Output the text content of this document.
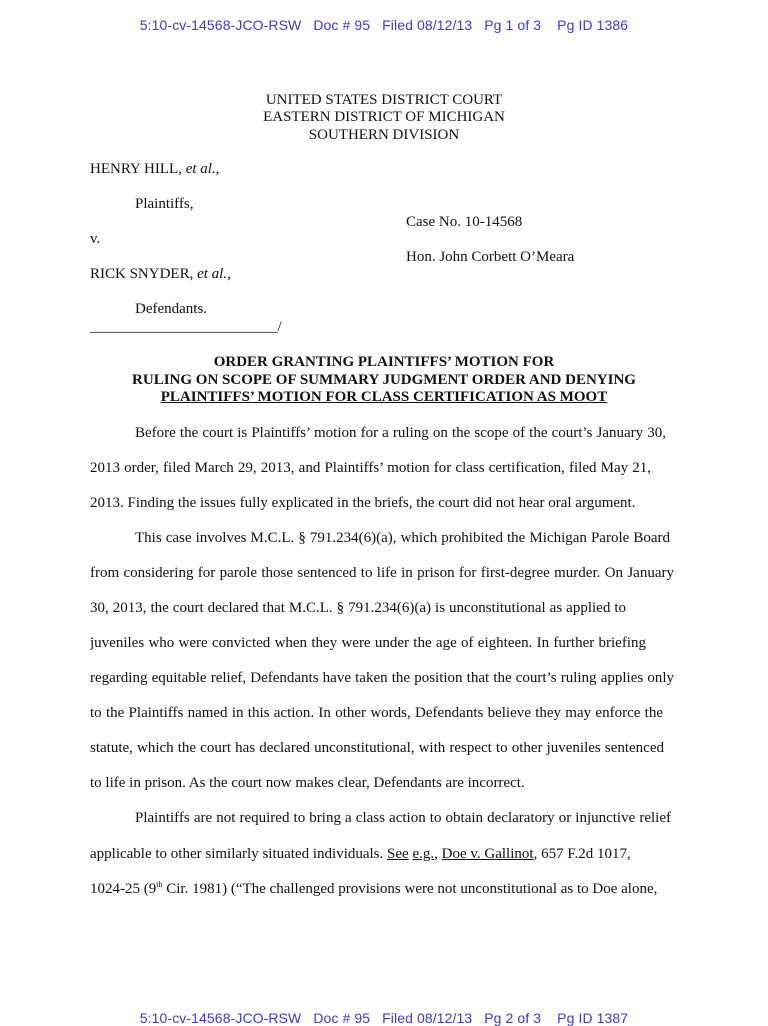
5:10-cv-14568-JCO-RSW   Doc # 95   Filed 08/12/13   Pg 1 of 3    Pg ID 1386
UNITED STATES DISTRICT COURT
EASTERN DISTRICT OF MICHIGAN
SOUTHERN DIVISION
HENRY HILL, et al.,
Plaintiffs,
v.
RICK SNYDER, et al.,
Defendants.
_________________________/
Case No. 10-14568
Hon. John Corbett O’Meara
ORDER GRANTING PLAINTIFFS’ MOTION FOR
RULING ON SCOPE OF SUMMARY JUDGMENT ORDER AND DENYING
PLAINTIFFS’ MOTION FOR CLASS CERTIFICATION AS MOOT
Before the court is Plaintiffs’ motion for a ruling on the scope of the court’s January 30,
2013 order, filed March 29, 2013, and Plaintiffs’ motion for class certification, filed May 21,
2013. Finding the issues fully explicated in the briefs, the court did not hear oral argument.
This case involves M.C.L. § 791.234(6)(a), which prohibited the Michigan Parole Board
from considering for parole those sentenced to life in prison for first-degree murder. On January
30, 2013, the court declared that M.C.L. § 791.234(6)(a) is unconstitutional as applied to
juveniles who were convicted when they were under the age of eighteen. In further briefing
regarding equitable relief, Defendants have taken the position that the court’s ruling applies only
to the Plaintiffs named in this action. In other words, Defendants believe they may enforce the
statute, which the court has declared unconstitutional, with respect to other juveniles sentenced
to life in prison. As the court now makes clear, Defendants are incorrect.
Plaintiffs are not required to bring a class action to obtain declaratory or injunctive relief
applicable to other similarly situated individuals. See e.g., Doe v. Gallinot, 657 F.2d 1017,
1024-25 (9th Cir. 1981) (“The challenged provisions were not unconstitutional as to Doe alone,
5:10-cv-14568-JCO-RSW   Doc # 95   Filed 08/12/13   Pg 2 of 3    Pg ID 1387
